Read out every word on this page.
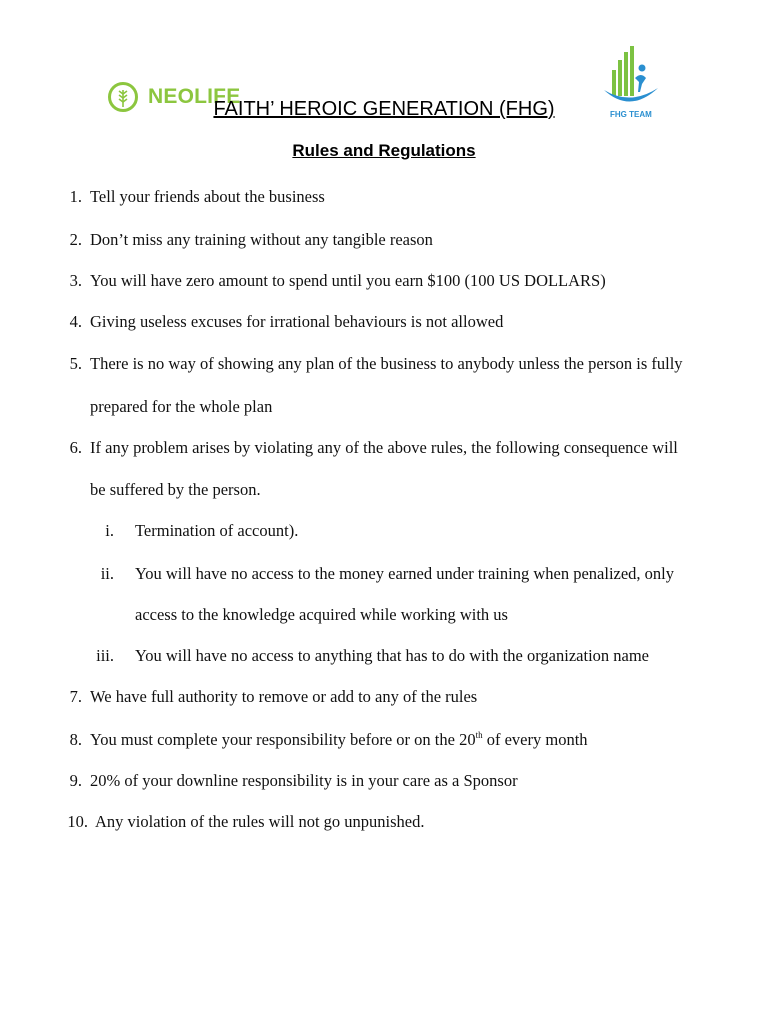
NEOLIFE
FHG TEAM
FAITH’ HEROIC GENERATION (FHG)
Rules and Regulations
1. Tell your friends about the business
2. Don’t miss any training without any tangible reason
3. You will have zero amount to spend until you earn $100 (100 US DOLLARS)
4. Giving useless excuses for irrational behaviours is not allowed
5. There is no way of showing any plan of the business to anybody unless the person is fully
prepared for the whole plan
6. If any problem arises by violating any of the above rules, the following consequence will
be suffered by the person.
i. Termination of account).
ii. You will have no access to the money earned under training when penalized, only
access to the knowledge acquired while working with us
iii. You will have no access to anything that has to do with the organization name
7. We have full authority to remove or add to any of the rules
8. You must complete your responsibility before or on the 20th of every month
9. 20% of your downline responsibility is in your care as a Sponsor
10. Any violation of the rules will not go unpunished.
